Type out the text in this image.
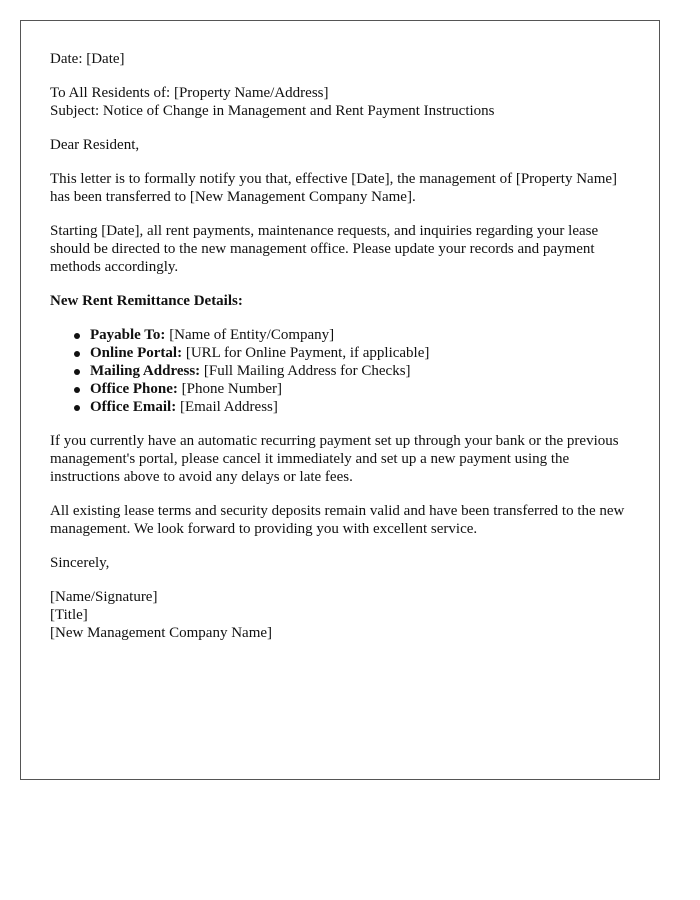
Date: [Date]

To All Residents of: [Property Name/Address]

Subject: Notice of Change in Management and Rent Payment Instructions

Dear Resident,

This letter is to formally notify you that, effective [Date], the management of [Property Name] has been transferred to [New Management Company Name].

Starting [Date], all rent payments, maintenance requests, and inquiries regarding your lease should be directed to the new management office. Please update your records and payment methods accordingly.

New Rent Remittance Details:

Payable To: [Name of Entity/Company]
Online Portal: [URL for Online Payment, if applicable]
Mailing Address: [Full Mailing Address for Checks]
Office Phone: [Phone Number]
Office Email: [Email Address]

If you currently have an automatic recurring payment set up through your bank or the previous management's portal, please cancel it immediately and set up a new payment using the instructions above to avoid any delays or late fees.

All existing lease terms and security deposits remain valid and have been transferred to the new management. We look forward to providing you with excellent service.

Sincerely,

[Name/Signature]

[Title]

[New Management Company Name]
